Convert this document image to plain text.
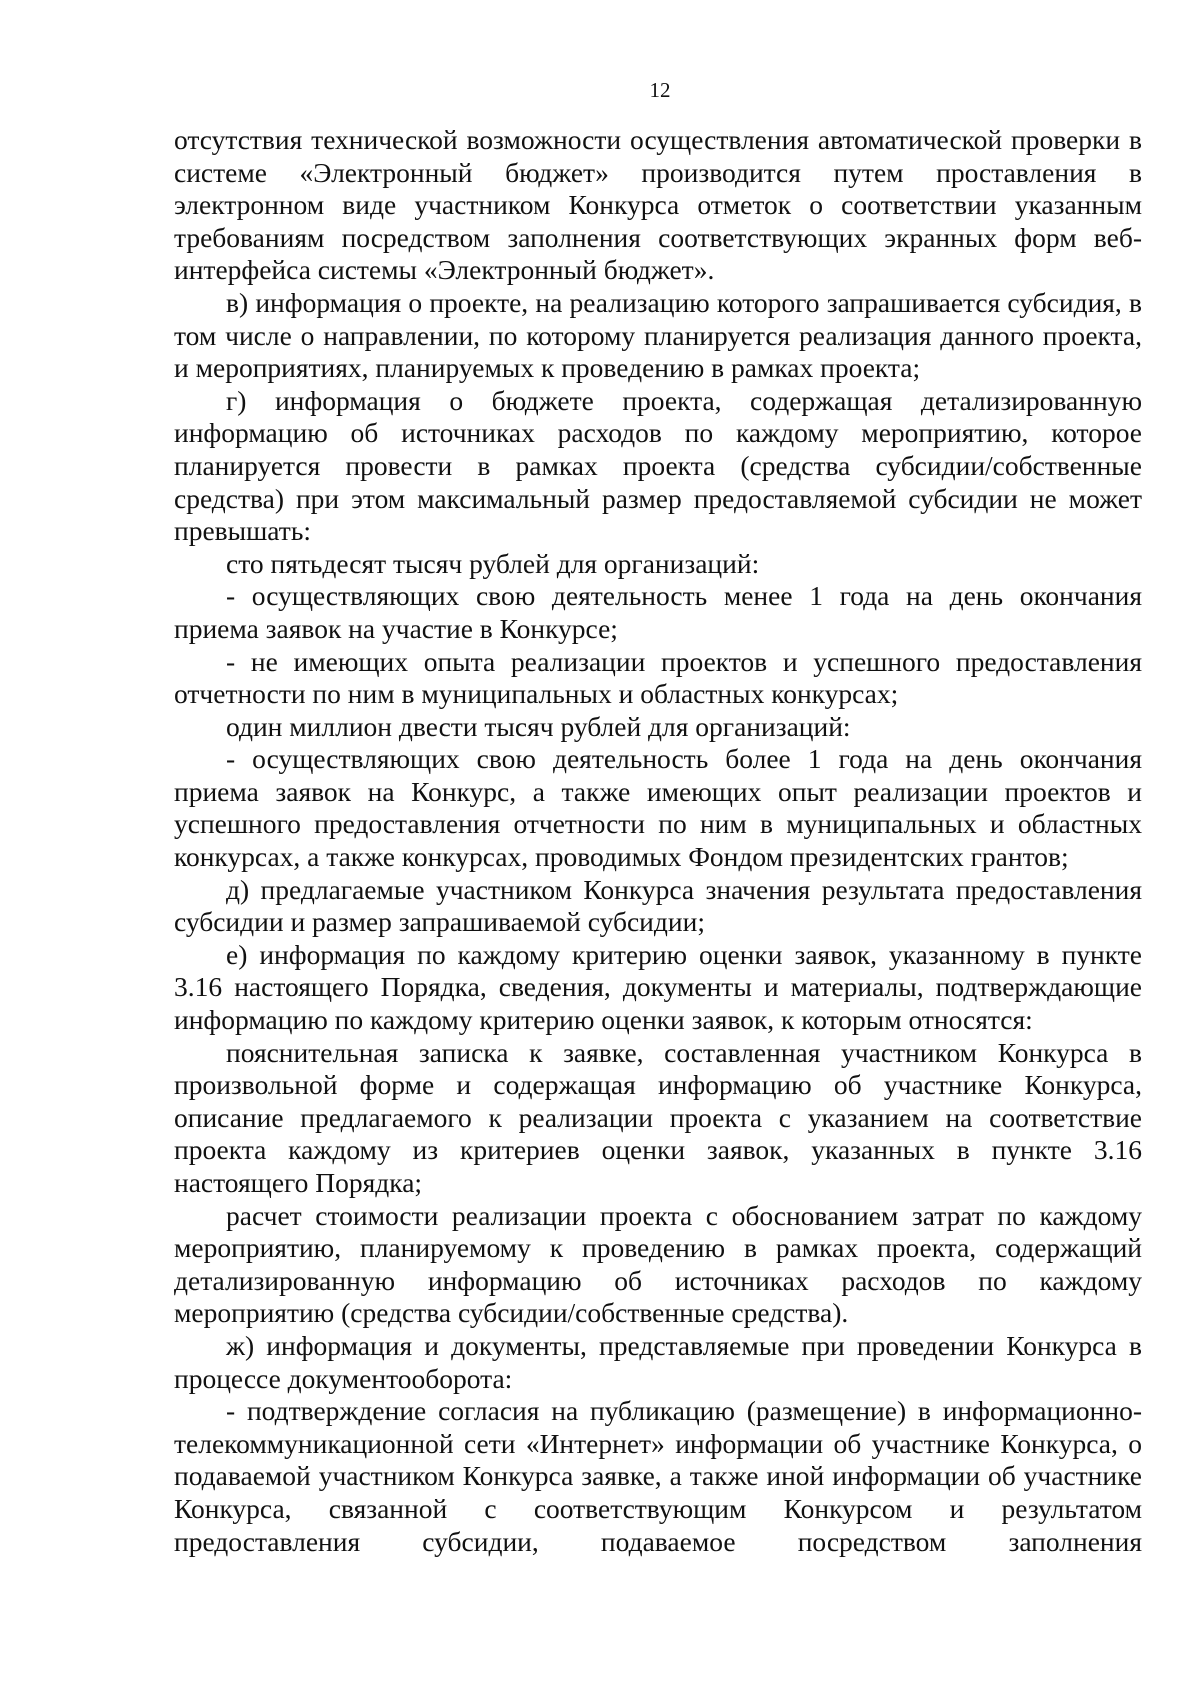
12

отсутствия технической возможности осуществления автоматической проверки в системе «Электронный бюджет» производится путем проставления в электронном виде участником Конкурса отметок о соответствии указанным требованиям посредством заполнения соответствующих экранных форм веб-интерфейса системы «Электронный бюджет».

в) информация о проекте, на реализацию которого запрашивается субсидия, в том числе о направлении, по которому планируется реализация данного проекта, и мероприятиях, планируемых к проведению в рамках проекта;

г) информация о бюджете проекта, содержащая детализированную информацию об источниках расходов по каждому мероприятию, которое планируется провести в рамках проекта (средства субсидии/собственные средства) при этом максимальный размер предоставляемой субсидии не может превышать:

сто пятьдесят тысяч рублей для организаций:

- осуществляющих свою деятельность менее 1 года на день окончания приема заявок на участие в Конкурсе;

- не имеющих опыта реализации проектов и успешного предоставления отчетности по ним в муниципальных и областных конкурсах;

один миллион двести тысяч рублей для организаций:

- осуществляющих свою деятельность более 1 года на день окончания приема заявок на Конкурс, а также имеющих опыт реализации проектов и успешного предоставления отчетности по ним в муниципальных и областных конкурсах, а также конкурсах, проводимых Фондом президентских грантов;

д) предлагаемые участником Конкурса значения результата предоставления субсидии и размер запрашиваемой субсидии;

е) информация по каждому критерию оценки заявок, указанному в пункте 3.16 настоящего Порядка, сведения, документы и материалы, подтверждающие информацию по каждому критерию оценки заявок, к которым относятся:

пояснительная записка к заявке, составленная участником Конкурса в произвольной форме и содержащая информацию об участнике Конкурса, описание предлагаемого к реализации проекта с указанием на соответствие проекта каждому из критериев оценки заявок, указанных в пункте 3.16 настоящего Порядка;

расчет стоимости реализации проекта с обоснованием затрат по каждому мероприятию, планируемому к проведению в рамках проекта, содержащий детализированную информацию об источниках расходов по каждому мероприятию (средства субсидии/собственные средства).

ж) информация и документы, представляемые при проведении Конкурса в процессе документооборота:

- подтверждение согласия на публикацию (размещение) в информационно-телекоммуникационной сети «Интернет» информации об участнике Конкурса, о подаваемой участником Конкурса заявке, а также иной информации об участнике Конкурса, связанной с соответствующим Конкурсом и результатом предоставления субсидии, подаваемое посредством заполнения
